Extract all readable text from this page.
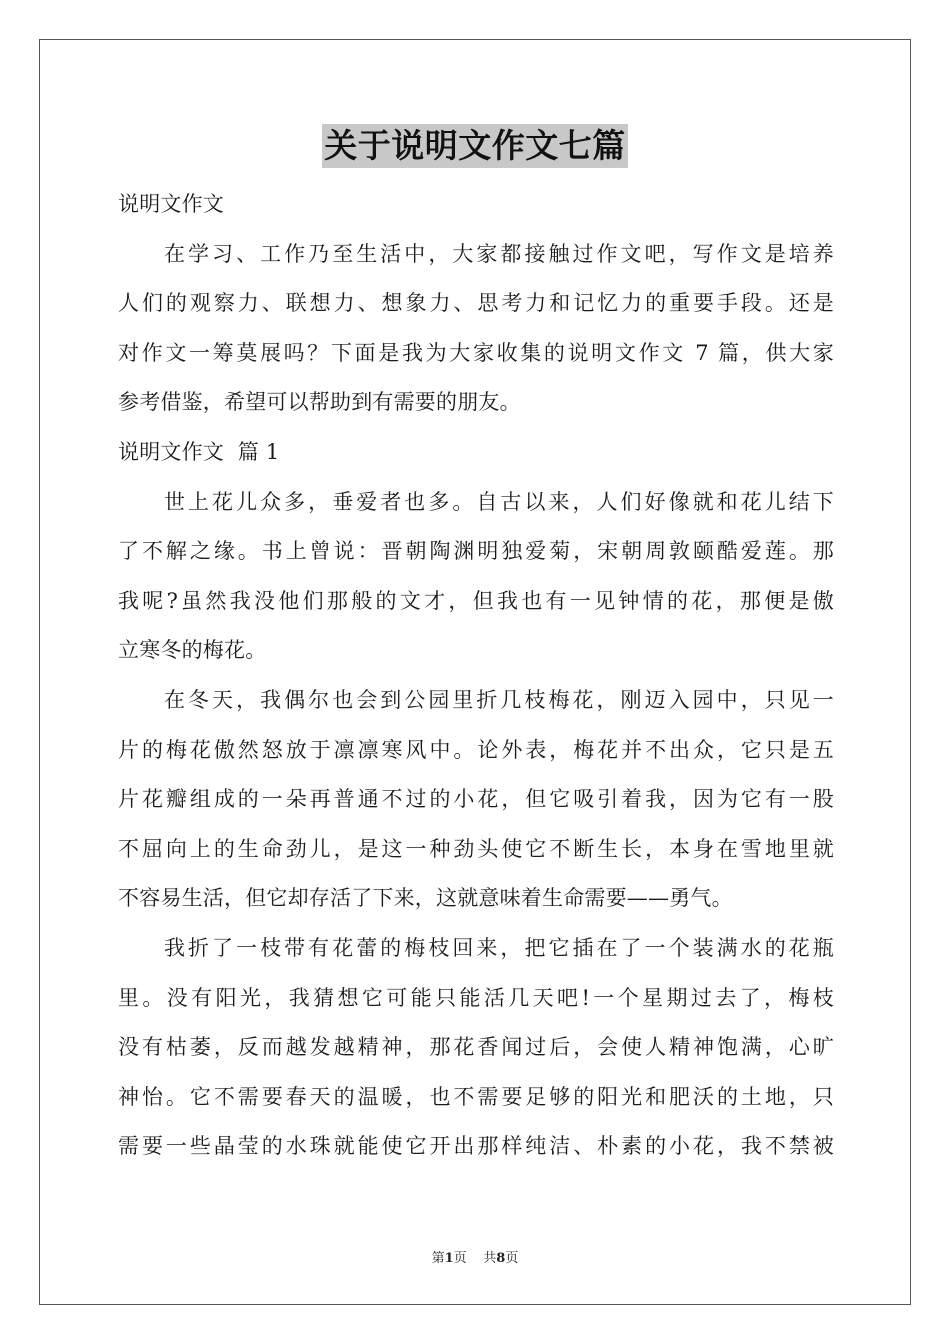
关于说明文作文七篇
说明文作文
在学习、工作乃至生活中，大家都接触过作文吧，写作文是培养
人们的观察力、联想力、想象力、思考力和记忆力的重要手段。还是
对作文一筹莫展吗？下面是我为大家收集的说明文作文 7 篇，供大家
参考借鉴，希望可以帮助到有需要的朋友。
说明文作文  篇 1
世上花儿众多，垂爱者也多。自古以来，人们好像就和花儿结下
了不解之缘。书上曾说：晋朝陶渊明独爱菊，宋朝周敦颐酷爱莲。那
我呢?虽然我没他们那般的文才，但我也有一见钟情的花，那便是傲
立寒冬的梅花。
在冬天，我偶尔也会到公园里折几枝梅花，刚迈入园中，只见一
片的梅花傲然怒放于凛凛寒风中。论外表，梅花并不出众，它只是五
片花瓣组成的一朵再普通不过的小花，但它吸引着我，因为它有一股
不屈向上的生命劲儿，是这一种劲头使它不断生长，本身在雪地里就
不容易生活，但它却存活了下来，这就意味着生命需要——勇气。
我折了一枝带有花蕾的梅枝回来，把它插在了一个装满水的花瓶
里。没有阳光，我猜想它可能只能活几天吧!一个星期过去了，梅枝
没有枯萎，反而越发越精神，那花香闻过后，会使人精神饱满，心旷
神怡。它不需要春天的温暖，也不需要足够的阳光和肥沃的土地，只
需要一些晶莹的水珠就能使它开出那样纯洁、朴素的小花，我不禁被
第1页 共8页
